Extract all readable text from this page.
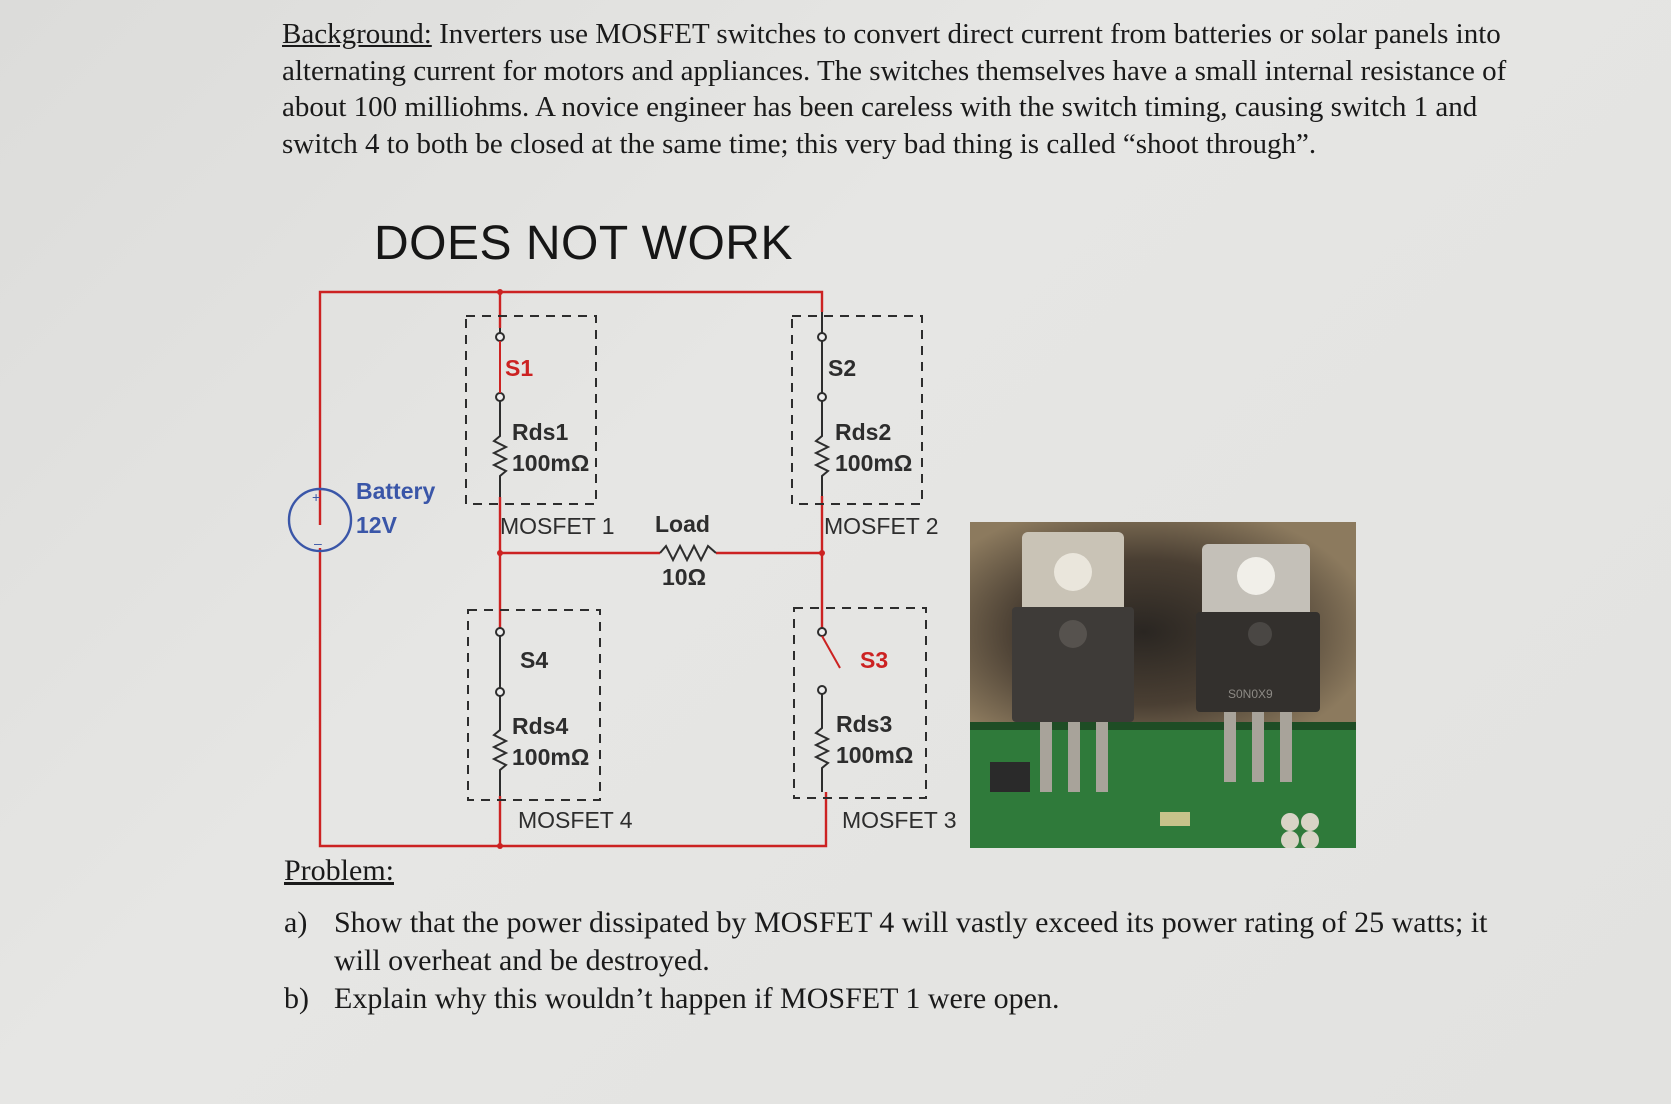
Background: Inverters use MOSFET switches to convert direct current from batteries or solar panels into alternating current for motors and appliances. The switches themselves have a small internal resistance of about 100 milliohms. A novice engineer has been careless with the switch timing, causing switch 1 and switch 4 to both be closed at the same time; this very bad thing is called “shoot through”.
DOES NOT WORK
+
–
Battery
12V	Load
10Ω
S1
Rds1
100mΩ
MOSFET 1
S2
Rds2
100mΩ
MOSFET 2
S4
Rds4
100mΩ
MOSFET 4
S3
Rds3
100mΩ
MOSFET 3
S0N0X9
Problem:
a) Show that the power dissipated by MOSFET 4 will vastly exceed its power rating of 25 watts; it will overheat and be destroyed.
b) Explain why this wouldn’t happen if MOSFET 1 were open.
